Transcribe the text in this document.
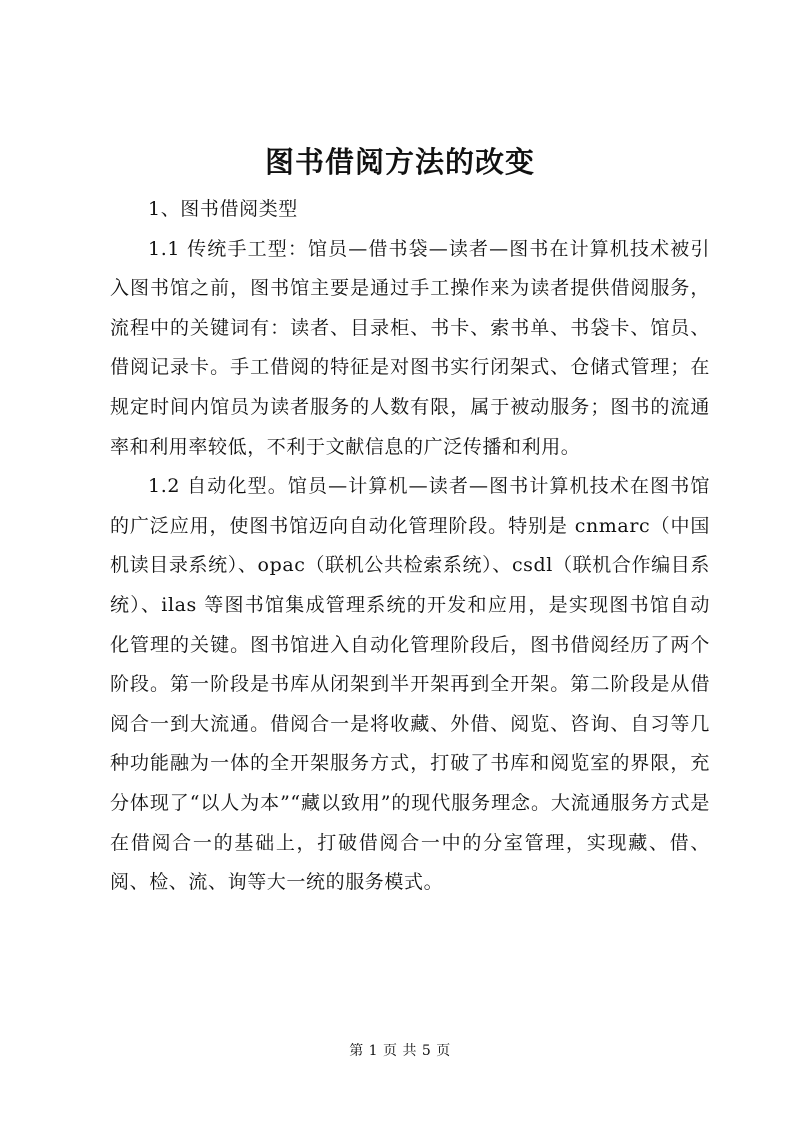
图书借阅方法的改变

1、图书借阅类型

1.1 传统手工型：馆员—借书袋—读者—图书在计算机技术被引入图书馆之前，图书馆主要是通过手工操作来为读者提供借阅服务，流程中的关键词有：读者、目录柜、书卡、索书单、书袋卡、馆员、借阅记录卡。手工借阅的特征是对图书实行闭架式、仓储式管理；在规定时间内馆员为读者服务的人数有限，属于被动服务；图书的流通率和利用率较低，不利于文献信息的广泛传播和利用。

1.2 自动化型。馆员—计算机—读者—图书计算机技术在图书馆的广泛应用，使图书馆迈向自动化管理阶段。特别是 cnmarc（中国机读目录系统）、opac（联机公共检索系统）、csdl（联机合作编目系统）、ilas 等图书馆集成管理系统的开发和应用，是实现图书馆自动化管理的关键。图书馆进入自动化管理阶段后，图书借阅经历了两个阶段。第一阶段是书库从闭架到半开架再到全开架。第二阶段是从借阅合一到大流通。借阅合一是将收藏、外借、阅览、咨询、自习等几种功能融为一体的全开架服务方式，打破了书库和阅览室的界限，充分体现了“以人为本”“藏以致用”的现代服务理念。大流通服务方式是在借阅合一的基础上，打破借阅合一中的分室管理，实现藏、借、阅、检、流、询等大一统的服务模式。

第 1 页 共 5 页
